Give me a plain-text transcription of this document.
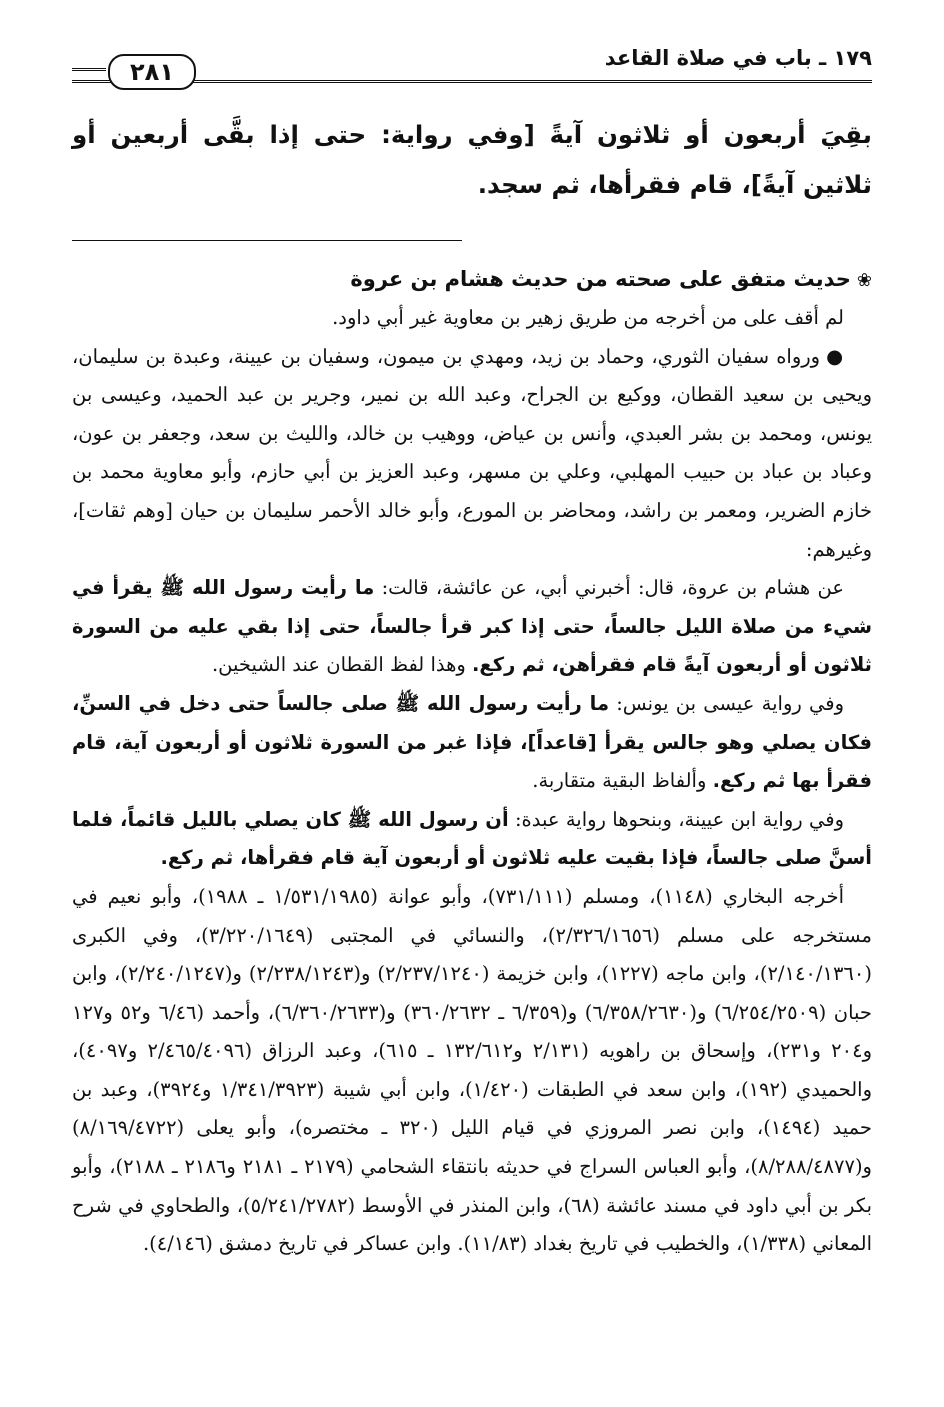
١٧٩ ـ باب في صلاة القاعد
٢٨١
بقِيَ أربعون أو ثلاثون آيةً [وفي رواية: حتى إذا بقَّى أربعين أو ثلاثين آيةً]، قام فقرأها، ثم سجد.
❀حديث متفق على صحته من حديث هشام بن عروة

لم أقف على من أخرجه من طريق زهير بن معاوية غير أبي داود.

●ورواه سفيان الثوري، وحماد بن زيد، ومهدي بن ميمون، وسفيان بن عيينة، وعبدة بن سليمان، ويحيى بن سعيد القطان، ووكيع بن الجراح، وعبد الله بن نمير، وجرير بن عبد الحميد، وعيسى بن يونس، ومحمد بن بشر العبدي، وأنس بن عياض، ووهيب بن خالد، والليث بن سعد، وجعفر بن عون، وعباد بن عباد بن حبيب المهلبي، وعلي بن مسهر، وعبد العزيز بن أبي حازم، وأبو معاوية محمد بن خازم الضرير، ومعمر بن راشد، ومحاضر بن المورع، وأبو خالد الأحمر سليمان بن حيان [وهم ثقات]، وغيرهم:

عن هشام بن عروة، قال: أخبرني أبي، عن عائشة، قالت: ما رأيت رسول الله ﷺ يقرأ في شيء من صلاة الليل جالساً، حتى إذا كبر قرأ جالساً، حتى إذا بقي عليه من السورة ثلاثون أو أربعون آيةً قام فقرأهن، ثم ركع. وهذا لفظ القطان عند الشيخين.

وفي رواية عيسى بن يونس: ما رأيت رسول الله ﷺ صلى جالساً حتى دخل في السنِّ، فكان يصلي وهو جالس يقرأ [قاعداً]، فإذا غبر من السورة ثلاثون أو أربعون آية، قام فقرأ بها ثم ركع. وألفاظ البقية متقاربة.

وفي رواية ابن عيينة، وبنحوها رواية عبدة: أن رسول الله ﷺ كان يصلي بالليل قائماً، فلما أسنَّ صلى جالساً، فإذا بقيت عليه ثلاثون أو أربعون آية قام فقرأها، ثم ركع.

أخرجه البخاري (١١٤٨)، ومسلم (٧٣١/١١١)، وأبو عوانة (١/٥٣١/١٩٨٥ ـ ١٩٨٨)، وأبو نعيم في مستخرجه على مسلم (٢/٣٢٦/١٦٥٦)، والنسائي في المجتبى (٣/٢٢٠/١٦٤٩)، وفي الكبرى (٢/١٤٠/١٣٦٠)، وابن ماجه (١٢٢٧)، وابن خزيمة (٢/٢٣٧/١٢٤٠) و(٢/٢٣٨/١٢٤٣) و(٢/٢٤٠/١٢٤٧)، وابن حبان (٦/٢٥٤/٢٥٠٩) و(٦/٣٥٨/٢٦٣٠) و(٦/٣٥٩ ـ ٣٦٠/٢٦٣٢) و(٦/٣٦٠/٢٦٣٣)، وأحمد (٦/٤٦ و٥٢ و١٢٧ و٢٠٤ و٢٣١)، وإسحاق بن راهويه (٢/١٣١ و١٣٢/٦١٢ ـ ٦١٥)، وعبد الرزاق (٢/٤٦٥/٤٠٩٦ و٤٠٩٧)، والحميدي (١٩٢)، وابن سعد في الطبقات (١/٤٢٠)، وابن أبي شيبة (١/٣٤١/٣٩٢٣ و٣٩٢٤)، وعبد بن حميد (١٤٩٤)، وابن نصر المروزي في قيام الليل (٣٢٠ ـ مختصره)، وأبو يعلى (٨/١٦٩/٤٧٢٢) و(٨/٢٨٨/٤٨٧٧)، وأبو العباس السراج في حديثه بانتقاء الشحامي (٢١٧٩ ـ ٢١٨١ و٢١٨٦ ـ ٢١٨٨)، وأبو بكر بن أبي داود في مسند عائشة (٦٨)، وابن المنذر في الأوسط (٥/٢٤١/٢٧٨٢)، والطحاوي في شرح المعاني (١/٣٣٨)، والخطيب في تاريخ بغداد (١١/٨٣). وابن عساكر في تاريخ دمشق (٤/١٤٦).
